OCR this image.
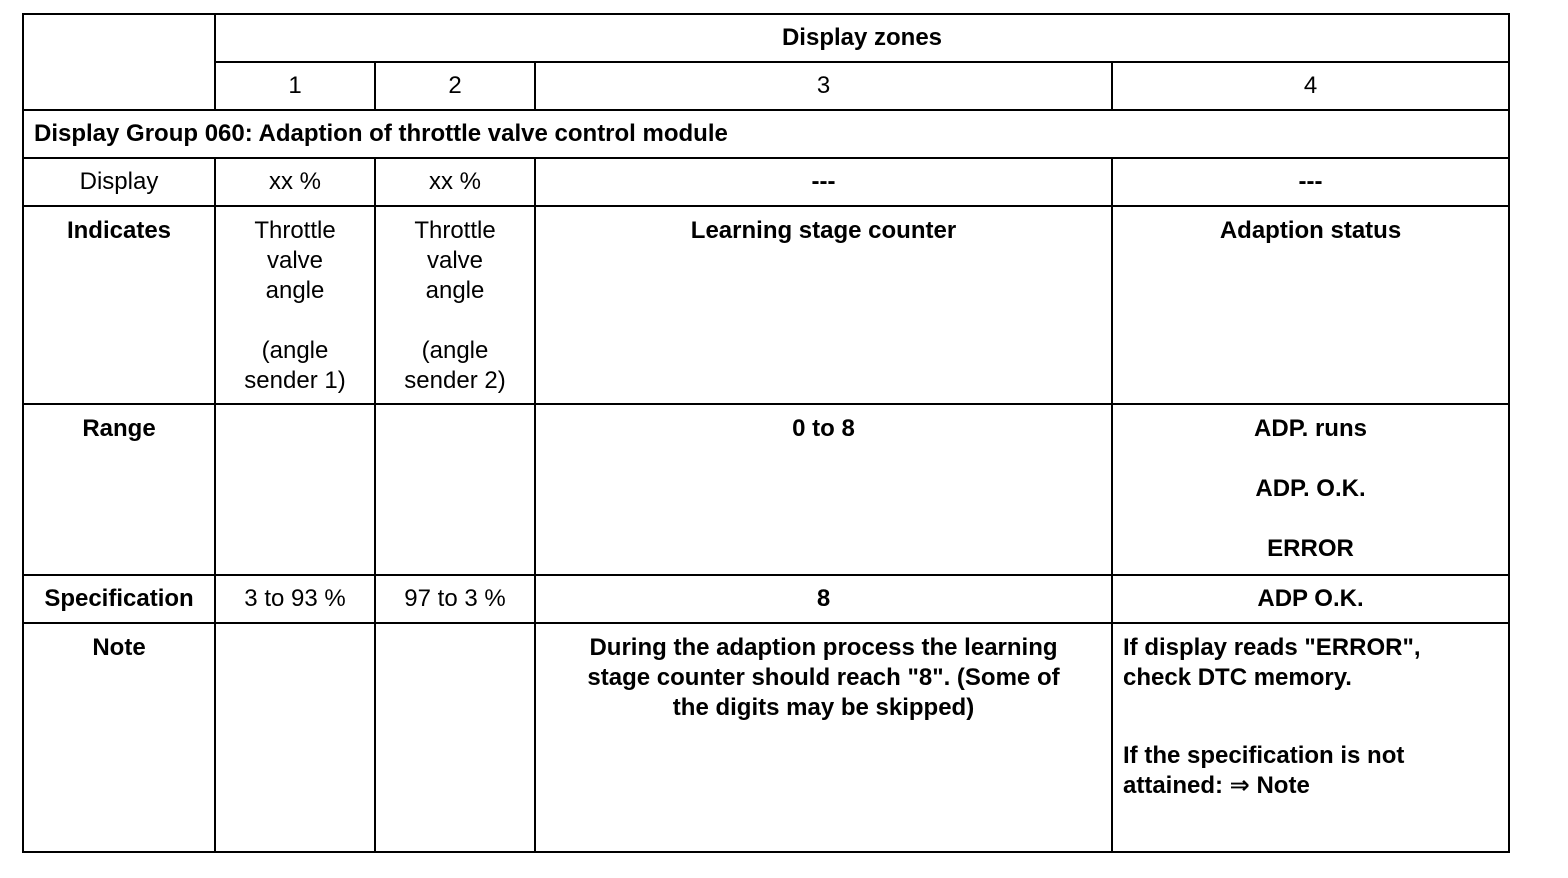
	Display zones			
	1	2	3	4
Display Group 060: Adaption of throttle valve control module				
Display	xx %	xx %	---	---
Indicates	Throttle
valve
angle
(angle
sender 1)	Throttle
valve
angle
(angle
sender 2)	Learning stage counter	Adaption status
Range			0 to 8	ADP. runs
ADP. O.K.
ERROR

Specification	3 to 93 %	97 to 3 %	8	ADP O.K.
Note			During the adaption process the learning
stage counter should reach "8". (Some of
the digits may be skipped)	If display reads "ERROR",
check DTC memory.
If the specification is not
attained: ⇒ Note
